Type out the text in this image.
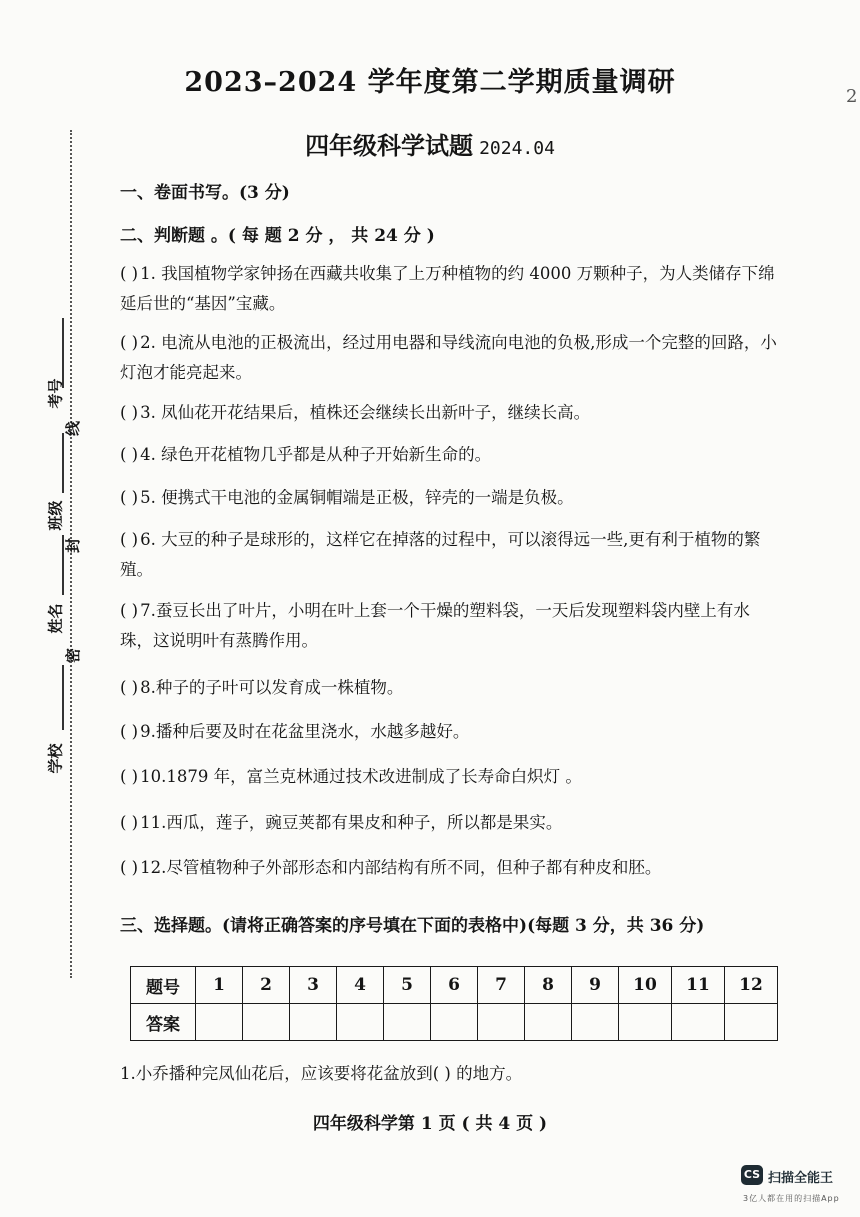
2023–2024 学年度第二学期质量调研
四年级科学试题 2024.04
2
考号
线
班级
封
姓名
密
学校
一、卷面书写。(3 分)
二、判断题 。( 每 题 2 分 ， 共 24 分 )
( ) 1. 我国植物学家钟扬在西藏共收集了上万种植物的约 4000 万颗种子，为人类储存下绵延后世的“基因”宝藏。
( ) 2. 电流从电池的正极流出，经过用电器和导线流向电池的负极,形成一个完整的回路，小灯泡才能亮起来。
( ) 3. 凤仙花开花结果后，植株还会继续长出新叶子，继续长高。
( ) 4. 绿色开花植物几乎都是从种子开始新生命的。
( ) 5. 便携式干电池的金属铜帽端是正极，锌壳的一端是负极。
( ) 6. 大豆的种子是球形的，这样它在掉落的过程中，可以滚得远一些,更有利于植物的繁殖。
( ) 7.蚕豆长出了叶片，小明在叶上套一个干燥的塑料袋，一天后发现塑料袋内壁上有水珠，这说明叶有蒸腾作用。
( ) 8.种子的子叶可以发育成一株植物。
( ) 9.播种后要及时在花盆里浇水，水越多越好。
( ) 10.1879 年，富兰克林通过技术改进制成了长寿命白炽灯 。
( ) 11.西瓜，莲子，豌豆荚都有果皮和种子，所以都是果实。
( ) 12.尽管植物种子外部形态和内部结构有所不同，但种子都有种皮和胚。
三、选择题。(请将正确答案的序号填在下面的表格中)(每题 3 分，共 36 分)
题号	1	2	3	4	5	6	7	8	9	10	11	12
答案												
1.小乔播种完凤仙花后，应该要将花盆放到( ) 的地方。
四年级科学第 1 页 ( 共 4 页 )
CS 扫描全能王
3亿人都在用的扫描App
